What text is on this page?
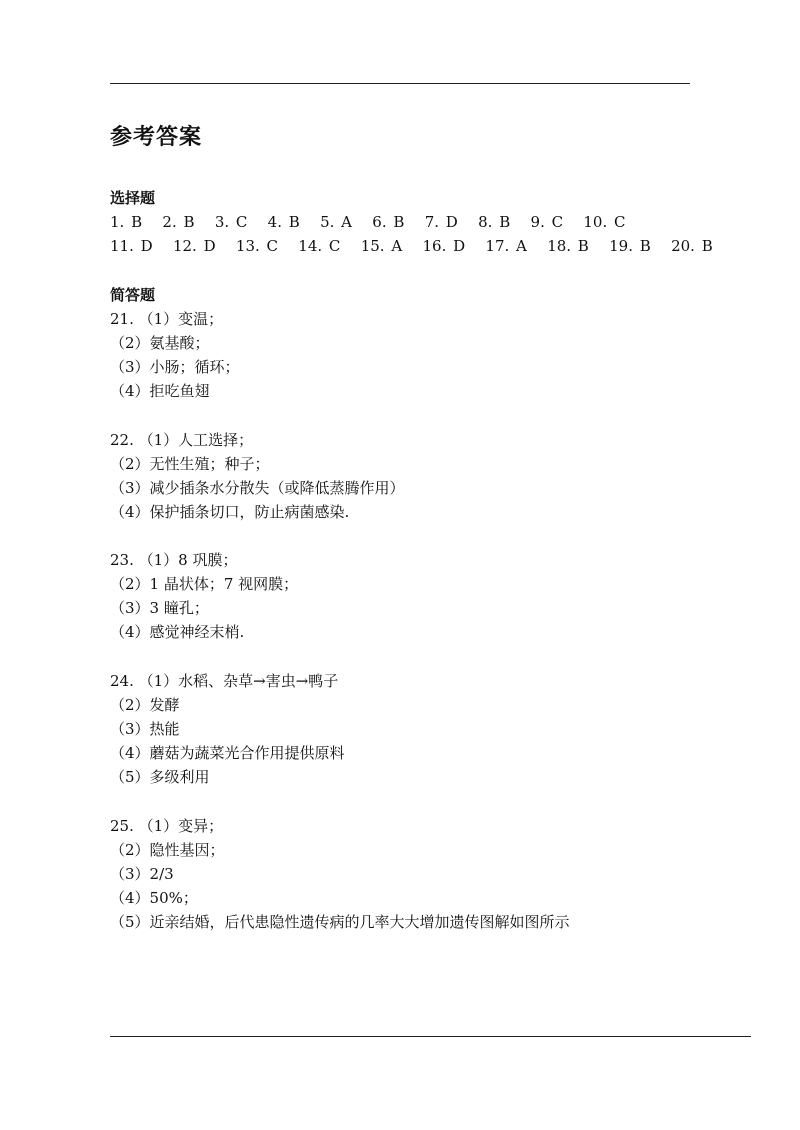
参考答案
选择题
1. B   2. B   3. C   4. B   5. A   6. B   7. D   8. B   9. C   10. C
11. D   12. D   13. C   14. C   15. A   16. D   17. A   18. B   19. B   20. B
简答题
21. （1）变温；
（2）氨基酸；
（3）小肠；循环；
（4）拒吃鱼翅
22. （1）人工选择；
（2）无性生殖；种子；
（3）减少插条水分散失（或降低蒸腾作用）
（4）保护插条切口，防止病菌感染.
23. （1）8 巩膜；
（2）1 晶状体；7 视网膜；
（3）3 瞳孔；
（4）感觉神经末梢.
24. （1）水稻、杂草→害虫→鸭子
（2）发酵
（3）热能
（4）蘑菇为蔬菜光合作用提供原料
（5）多级利用
25. （1）变异；
（2）隐性基因；
（3）2/3
（4）50%；
（5）近亲结婚，后代患隐性遗传病的几率大大增加遗传图解如图所示
